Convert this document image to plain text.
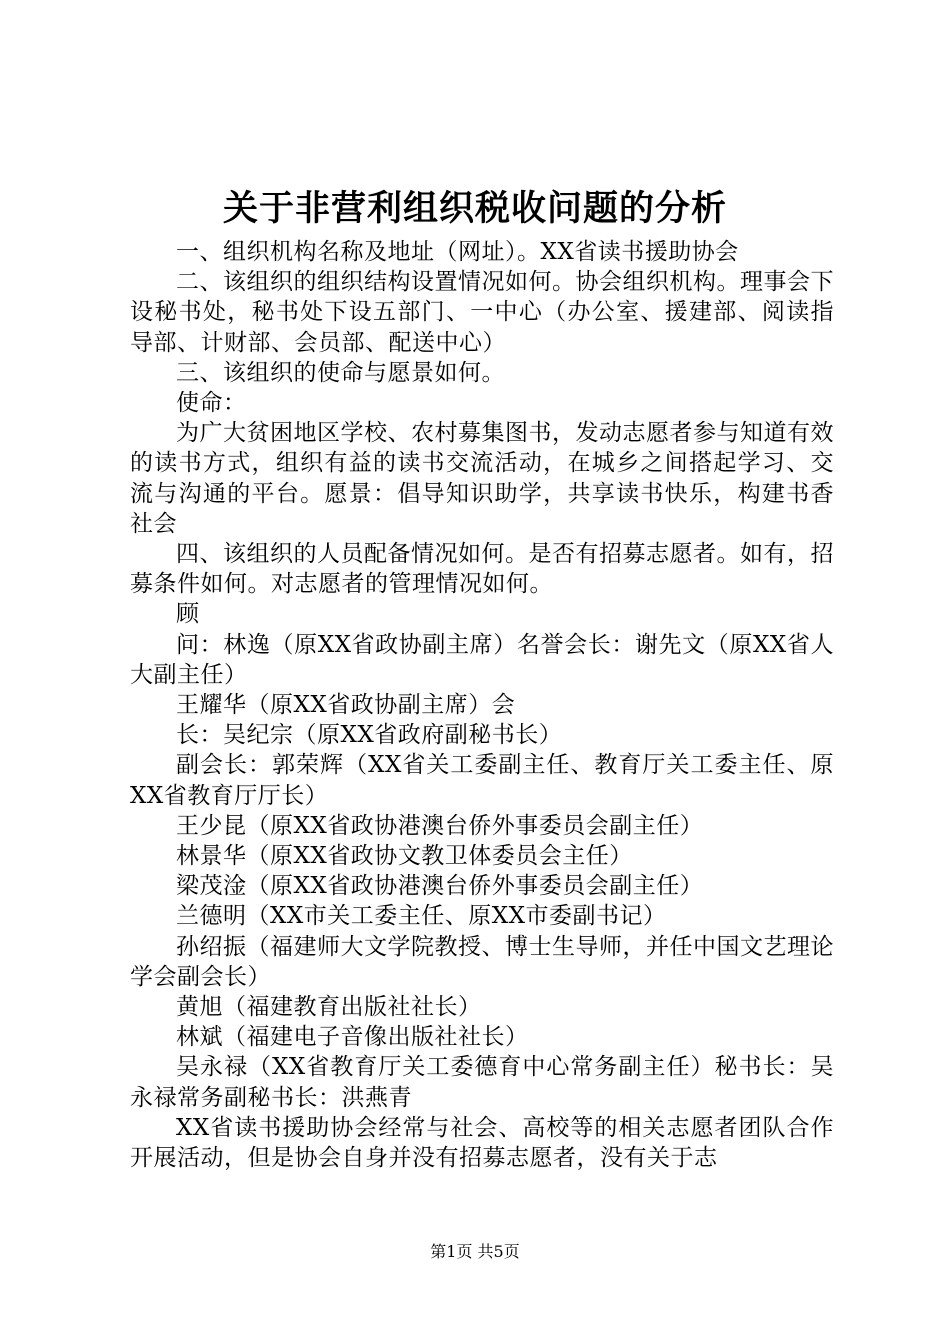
关于非营利组织税收问题的分析

一、组织机构名称及地址（网址）。XX省读书援助协会

二、该组织的组织结构设置情况如何。协会组织机构。理事会下设秘书处，秘书处下设五部门、一中心（办公室、援建部、阅读指导部、计财部、会员部、配送中心）

三、该组织的使命与愿景如何。

使命：

为广大贫困地区学校、农村募集图书，发动志愿者参与知道有效的读书方式，组织有益的读书交流活动，在城乡之间搭起学习、交流与沟通的平台。愿景：倡导知识助学，共享读书快乐，构建书香社会

四、该组织的人员配备情况如何。是否有招募志愿者。如有，招募条件如何。对志愿者的管理情况如何。

顾

问：林逸（原XX省政协副主席）名誉会长：谢先文（原XX省人大副主任）

王耀华（原XX省政协副主席）会

长：吴纪宗（原XX省政府副秘书长）

副会长：郭荣辉（XX省关工委副主任、教育厅关工委主任、原XX省教育厅厅长）

王少昆（原XX省政协港澳台侨外事委员会副主任）

林景华（原XX省政协文教卫体委员会主任）

梁茂淦（原XX省政协港澳台侨外事委员会副主任）

兰德明（XX市关工委主任、原XX市委副书记）

孙绍振（福建师大文学院教授、博士生导师，并任中国文艺理论学会副会长）

黄旭（福建教育出版社社长）

林斌（福建电子音像出版社社长）

吴永禄（XX省教育厅关工委德育中心常务副主任）秘书长：吴永禄常务副秘书长：洪燕青

XX省读书援助协会经常与社会、高校等的相关志愿者团队合作开展活动，但是协会自身并没有招募志愿者，没有关于志

第1页 共5页
